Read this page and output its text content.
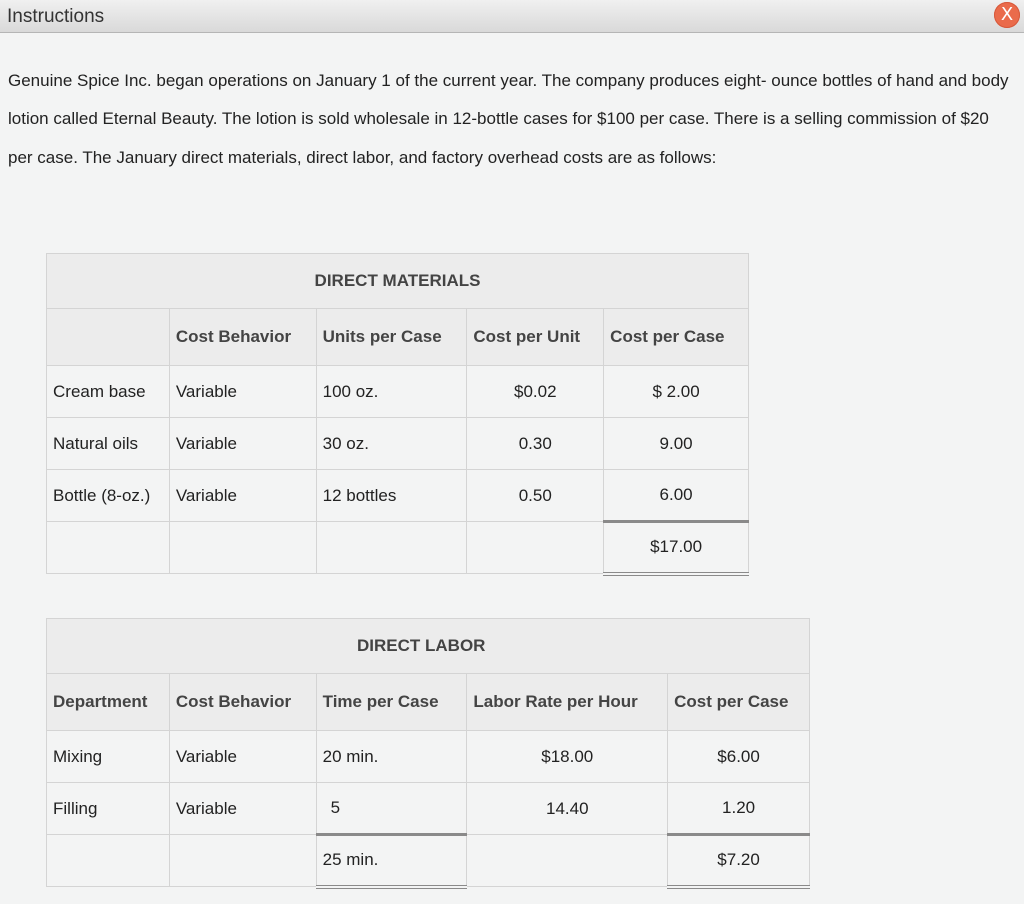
Instructions	X

Genuine Spice Inc. began operations on January 1 of the current year. The company produces eight- ounce bottles of hand and body lotion called Eternal Beauty. The lotion is sold wholesale in 12-bottle cases for $100 per case. There is a selling commission of $20 per case. The January direct materials, direct labor, and factory overhead costs are as follows:

DIRECT MATERIALS				
	Cost Behavior	Units per Case	Cost per Unit	Cost per Case
Cream base	Variable	100 oz.	$0.02	$ 2.00
Natural oils	Variable	30 oz.	0.30	9.00
Bottle (8-oz.)	Variable	12 bottles	0.50	6.00
				$17.00
DIRECT LABOR				
Department	Cost Behavior	Time per Case	Labor Rate per Hour	Cost per Case
Mixing	Variable	20 min.	$18.00	$6.00
Filling	Variable	5	14.40	1.20
		25 min.		$7.20
